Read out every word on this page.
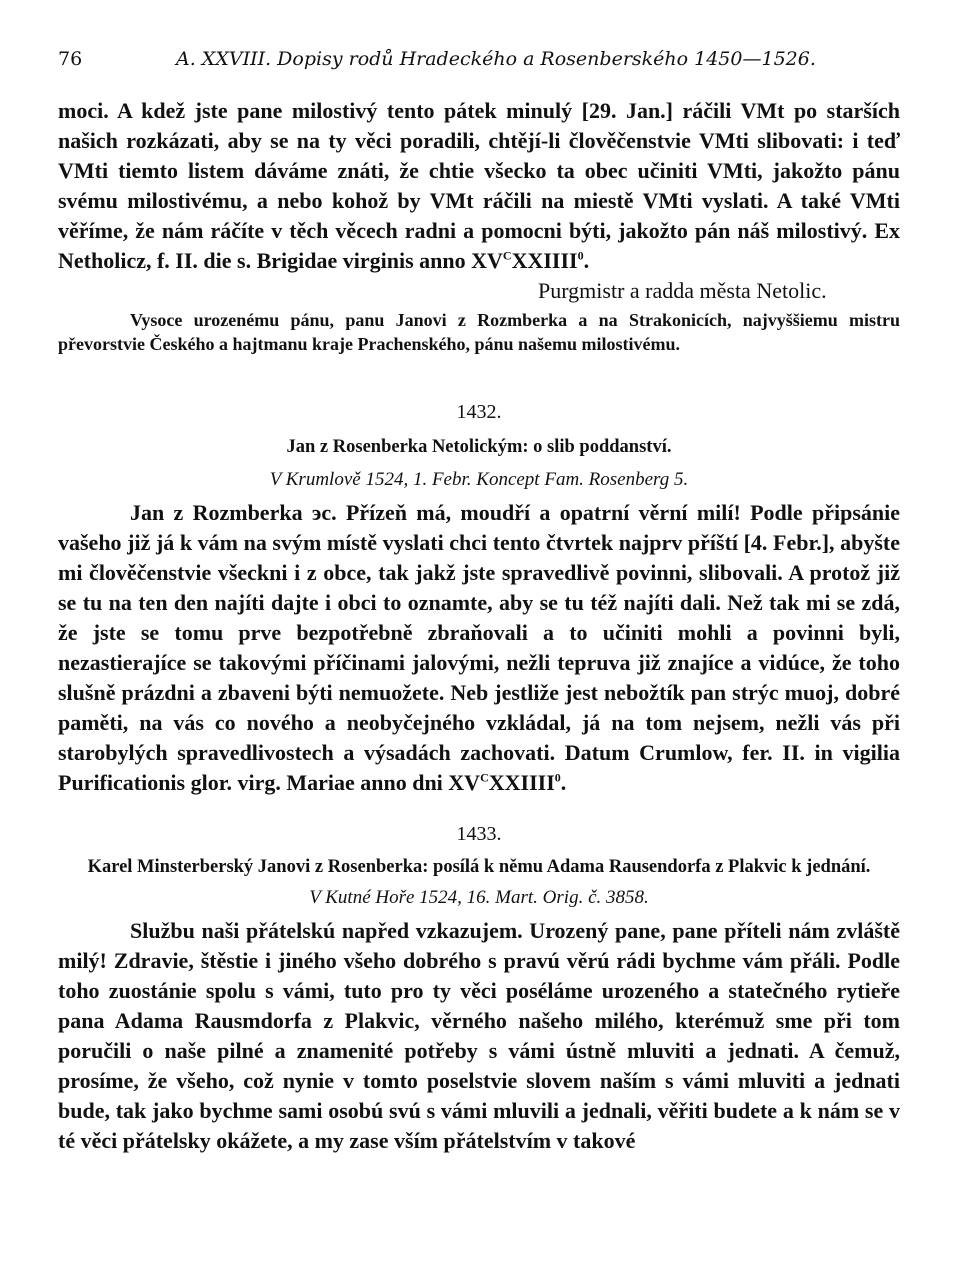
76	A. XXVIII. Dopisy rodů Hradeckého a Rosenberského 1450—1526.

moci. A kdež jste pane milostivý tento pátek minulý [29. Jan.] ráčili VMt po starších našich rozkázati, aby se na ty věci poradili, chtějí-li člověčenstvie VMti slibovati: i teď VMti tiemto listem dáváme znáti, že chtie všecko ta obec učiniti VMti, jakožto pánu svému milostivému, a nebo kohož by VMt ráčili na miestě VMti vyslati. A také VMti věříme, že nám ráčíte v těch věcech radni a pomocni býti, jakožto pán náš milostivý. Ex Netholicz, f. II. die s. Brigidae virginis anno $XV^CXXIIII^0$.

Purgmistr a radda města Netolic.

Vysoce urozenému pánu, panu Janovi z Rozmberka a na Strakonicích, najvyššiemu mistru převorstvie Českého a hajtmanu kraje Prachenského, pánu našemu milostivému.

1432.

Jan z Rosenberka Netolickým: o slib poddanství.

V Krumlově 1524, 1. Febr. Koncept Fam. Rosenberg 5.

Jan z Rozmberka эc. Přízeň má, moudří a opatrní věrní milí! Podle připsánie vašeho již já k vám na svým místě vyslati chci tento čtvrtek najprv příští [4. Febr.], abyšte mi člověčenstvie všeckni i z obce, tak jakž jste spravedlivě povinni, slibovali. A protož již se tu na ten den najíti dajte i obci to oznamte, aby se tu též najíti dali. Než tak mi se zdá, že jste se tomu prve bezpotřebně zbraňovali a to učiniti mohli a povinni byli, nezastierajíce se takovými příčinami jalovými, nežli tepruva již znajíce a vidúce, že toho slušně prázdni a zbaveni býti nemuožete. Neb jestliže jest nebožtík pan strýc muoj, dobré paměti, na vás co nového a neobyčejného vzkládal, já na tom nejsem, nežli vás při starobylých spravedlivostech a výsadách zachovati. Datum Crumlow, fer. II. in vigilia Purificationis glor. virg. Mariae anno dni $XV^CXXIIII^0$.

1433.

Karel Minsterberský Janovi z Rosenberka: posílá k němu Adama Rausendorfa z Plakvic k jednání.

V Kutné Hoře 1524, 16. Mart. Orig. č. 3858.

Službu naši přátelskú napřed vzkazujem. Urozený pane, pane příteli nám zvláště milý! Zdravie, štěstie i jiného všeho dobrého s pravú věrú rádi bychme vám přáli. Podle toho zuostánie spolu s vámi, tuto pro ty věci poséláme urozeného a statečného rytieře pana Adama Rausmdorfa z Plakvic, věrného našeho milého, kterémuž sme při tom poručili o naše pilné a znamenité potřeby s vámi ústně mluviti a jednati. A čemuž, prosíme, že všeho, což nynie v tomto poselstvie slovem naším s vámi mluviti a jednati bude, tak jako bychme sami osobú svú s vámi mluvili a jednali, věřiti budete a k nám se v té věci přátelsky okážete, a my zase vším přátelstvím v takové
